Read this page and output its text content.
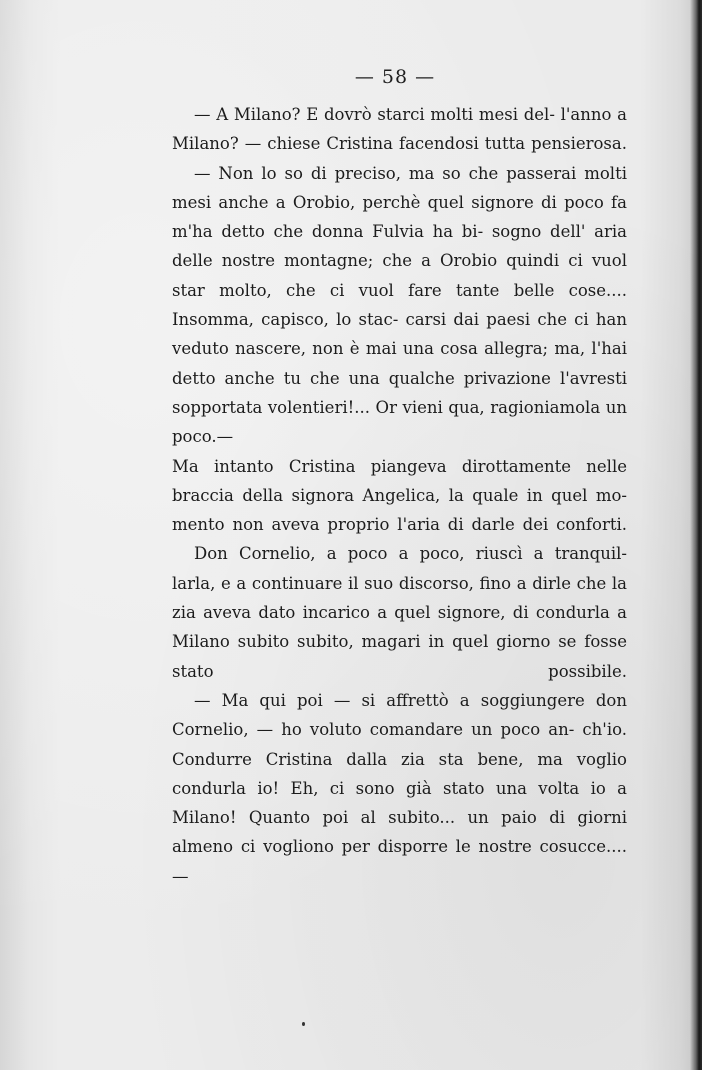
— 58 —

— A Milano? E dovrò starci molti mesi del- l'anno a Milano? — chiese Cristina facendosi tutta pensierosa.

— Non lo so di preciso, ma so che passerai molti mesi anche a Orobio, perchè quel signore di poco fa m'ha detto che donna Fulvia ha bi- sogno dell' aria delle nostre montagne; che a Orobio quindi ci vuol star molto, che ci vuol fare tante belle cose.... Insomma, capisco, lo stac- carsi dai paesi che ci han veduto nascere, non è mai una cosa allegra; ma, l'hai detto anche tu che una qualche privazione l'avresti sopportata volentieri!... Or vieni qua, ragioniamola un poco.—

Ma intanto Cristina piangeva dirottamente nelle braccia della signora Angelica, la quale in quel mo- mento non aveva proprio l'aria di darle dei conforti.

Don Cornelio, a poco a poco, riuscì a tranquil- larla, e a continuare il suo discorso, fino a dirle che la zia aveva dato incarico a quel signore, di condurla a Milano subito subito, magari in quel giorno se fosse stato possibile.

— Ma qui poi — si affrettò a soggiungere don Cornelio, — ho voluto comandare un poco an- ch'io. Condurre Cristina dalla zia sta bene, ma voglio condurla io! Eh, ci sono già stato una volta io a Milano! Quanto poi al subito... un paio di giorni almeno ci vogliono per disporre le nostre cosucce.... —
